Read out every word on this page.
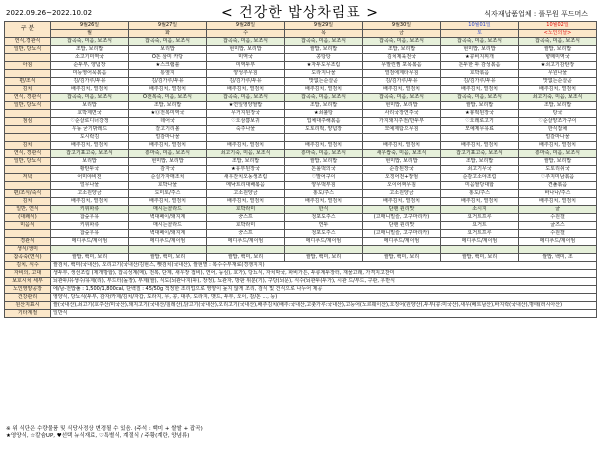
2022.09.26~2022.10.02	< 건강한 밥상차림표 >	식자재납품업체 : 풀무원 푸드머스
구 분	9월26일	9월27일	9월28일	9월29일	9월30일	10월01일	10월02일
	월	화	수	목	금	토	<노인의날>
연식,경관식	잡곡죽, 미음, 보조식	잡곡죽, 미음, 보조식	잡곡죽, 미음, 보조식	잡곡죽, 미음, 보조식	잡곡죽, 미음, 보조식	잡곡죽, 미음, 보조식	잡곡죽, 미음, 보조식
일반, 당뇨식	조밥, 보리밥	보리밥	현미밥, 보리밥	쌀밥, 보리밥	조밥, 보리밥	현미밥, 보리밥	쌀밥, 보리밥
	소고기미역국	O돈 삼미 카당	미역국	콩탕탕	김치제육전국	★콩비지찌개	향떼미역국
아침	순두부, 양념장	★스크램블	미역두부	★자두도무조림	무말린찜 포목볶음	돈두한 두 감성볶음	★쇠고기감탄장
	미등영어묵볶음	통옆지	양성추무침	도라지나물	열검에계타무침	호박볶음	무원나물
편/조식	김/김가루/두유	김/김가루/두유	김/김가루/두유	맛없는순살곧	김/김가루/두유	김/김가루/두유	맛없는순살곧
김치	배추김치, 열검치	배추김치, 열검치	배추김치, 열검치	배추김치, 열검치	배추김치, 열검치	배추김치, 열검치	배추김치, 열검치
연식, 경관식	잡곡죽, 미음, 보조식	O전복죽, 미음, 보조식	잡곡죽, 미음, 보조식	잡곡죽, 미음, 보조식	잡곡죽, 미음, 보조식	잡곡죽, 미음, 보조식	쇠고기죽, 미음, 보조식
일반, 당뇨식	보리밥	조밥, 보리밥	★연잎영양쌀밥	조밥, 보리밥	현미밥, 보리밥	쌀밥, 보리밥	조밥, 보리밥
	호박제면국	★Ⓞ전복미역국	무거지된장국	★쇠불탕	사리국장연주국	★봉떡된장국	탕국
점심	♡순살로디너강정	데어국	♡오삼쁨보귀	업체대주해볶음	가지돼지주전/만두부	♡오레로고기	♡순살양조가구이
	우동 굳기밖레드	잘고기리볼	숙주나물	도토리떡, 양념장	모예제탐으무침	모예제무유료	한식잡채
	도시락김	얼감마나물					얼갈마나물
김치	배추김치, 열검치	배추김치, 열검치	배추김치, 열검치	배추김치, 열검치	배추김치, 열검치	배추김치, 열검치	배추김치, 열검치
연식, 경관식	잡고기표고죽, 보조식	흥마죽, 미음, 보조식	쇠고기죽, 미음, 보조식	흥마죽, 미음, 보조식	새우쌈죽, 미음, 보조식	잡고기표고죽, 보조식	흥마죽, 미음, 보조식
일반, 당뇨식	보리밥	현미밥, 보리밥	조밥, 보리밥	쌀밥, 보리밥	현미밥, 보리밥	조밥, 보리밥	쌀밥, 보리밥
	황탄두국	감자국	★유부된장국	돈롤떡의국	순감된장국	쇠고기무국	도토리쉬국
저녁	어미야비전	순실가자매조치	새우잔치오동생조림	♡말어구이	오징어전+장엄	순감고소야조림	♡추지미남볶음
	얼무나물	호박나물	메낙트리대배볶음	양무떡부침	오이어쩌무침	미음쌀당대합	견풀볶음
편/조식/죽식	고소원양금	도미토/주스	고소원양금	홍도/주스	고소원양금	홍도/주스	바나나/주스
김치	배추김치, 열검치	배추김치, 열검치	배추김치, 열검치	배추김치, 열검치	배추김치, 열검치	배추김치, 열검치	배추김치, 열검치
일반, 연식	키위파류	매시는콜라드	호박라미	한식	단팬 윈리맛	소시지	굴
(대쾌식)	찹숲우유	벽대페이/돼지계	꿍스프	청포도주스	(고매니밀슬, 고구마리카)	요거트프루	수원갤
미음식	키위파류	매시는콜라드	호박라미	연두	단팬 윈리맛	요거트	굴즈스
	찹숲우유	벽대페이/돼지계	꿍스프	청포도주스	(고매니밀슬, 고구마리카)	요거트프루	수원갤
경관식	메디푸드/계이엄	메디푸드/계이엄	메디푸드/계이엄	메디푸드/계이엄	메디푸드/계이엄	메디푸드/계이엄	메디푸드/계이엄
생식/생미							
참곡죽(연식)	쌀밥, 백미, 보리	쌀밥, 백미, 보리	쌀밥, 백미, 보리	쌀밥, 백미, 보리	쌀밥, 백미, 보리	쌀밥, 백미, 보리	쌀밥, 백미, 조
김치, 식수	쌀검치, 백미(국내산), 오리고기(국내산/김현스, 뺏검치(국내산), 쌀현별 : 복수수부재료(경쟁지지)						
자비의, 고대	생두부, 생선조림 (제개방합), 잡곡성계(메), 전복, 단계, 새우장 접비), 연어, 둥심), 호가), 당뇨식, 자치막국, 파비가튼, 두류계두장터, 재물고래, 가격지고찬미						
보호시치 세부	뇌관두/유생수/유제(리), 부드터(돌장), 부제(쌀), 식도(뇌관나지(두), 장정), 뇨관자, 방판 위분(기), 구당(뇌문), 식수(뇌관두(두가), 시관 드/부드, 구관, 우반식						
노인영양공장	에/남-전밥풀 : 1,500/1,800cal, 단백질 : 45/50g 적정한 조리업으로 영양이 높지 않게 조리, 검식 및 건식으로 나누어 제공						
건강관리	영양식, 당뇨식(두부, 감자/카제/김치/자갑, 도라지, 무, 콩, 대추, 도라지, 맷드, 두부, 오이, 감/돈 ..., 등)						
원산지표시	쌀(국내산),쇠고기(호주산/미국산),돼지고기(국내산/칠레산),닭고기(국내산),오리고기(국내산),배추김치(배추:국내산,고춧가루:국내산),고등어(노르웨이산),오징어(원양산),두부(콩:미국산),새우(베트남산),바지락(국내산),명태(러시아산)						
기타계절	일반식						
※ 위 식단은 수량물품 및 식당사정상 변경될 수 있음. (주석 : 백미 + 쌀쌀 + 잡곡)
★영양식, ☆칼슘UP, ♥선택 뉴식재료, ♡특별식, 계절식 / 주황(계란, 양념류)
